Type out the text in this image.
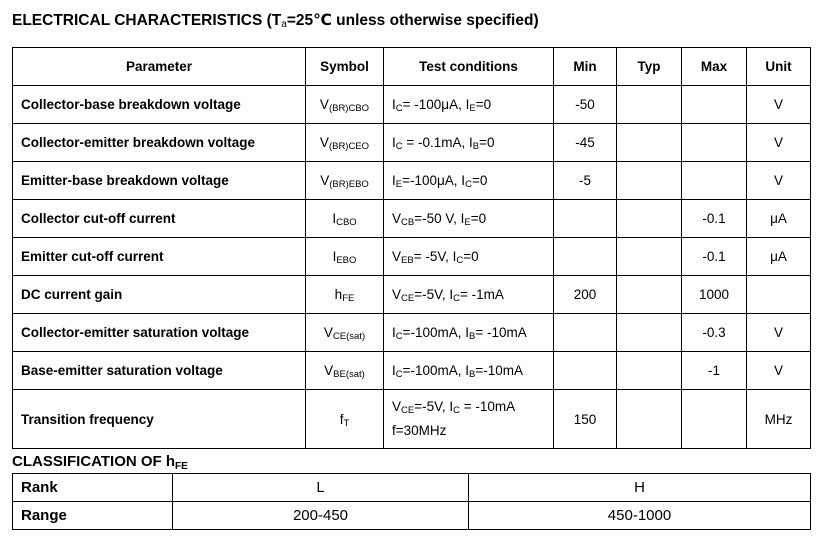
ELECTRICAL CHARACTERISTICS ($T_a=25℃$ unless otherwise specified)
Parameter	Symbol	Test conditions	Min	Typ	Max	Unit
Collector-base breakdown voltage	$V_{(BR)CBO}$	$I_C= -100\mu A$, $I_E=0$	-50			V
Collector-emitter breakdown voltage	$V_{(BR)CEO}$	$I_C = -0.1mA$, $I_B=0$	-45			V
Emitter-base breakdown voltage	$V_{(BR)EBO}$	$I_E=-100\mu A$, $I_C=0$	-5			V
Collector cut-off current	$I_{CBO}$	$V_{CB}=-50$ V, $I_E=0$			-0.1	μA
Emitter cut-off current	$I_{EBO}$	$V_{EB}= -5V$, $I_C=0$			-0.1	μA
DC current gain	$h_{FE}$	$V_{CE}=-5V$, $I_C= -1mA$	200		1000	
Collector-emitter saturation voltage	$V_{CE(sat)}$	$I_C=-100mA$, $I_B= -10mA$			-0.3	V
Base-emitter saturation voltage	$V_{BE(sat)}$	$I_C=-100mA$, $I_B=-10mA$			-1	V
Transition frequency	$f_T$	$V_{CE}=-5V$, $I_C = -10mA$
f=30MHz	150			MHz
CLASSIFICATION OF $h_{FE}$
Rank	L	H
Range	200-450	450-1000
